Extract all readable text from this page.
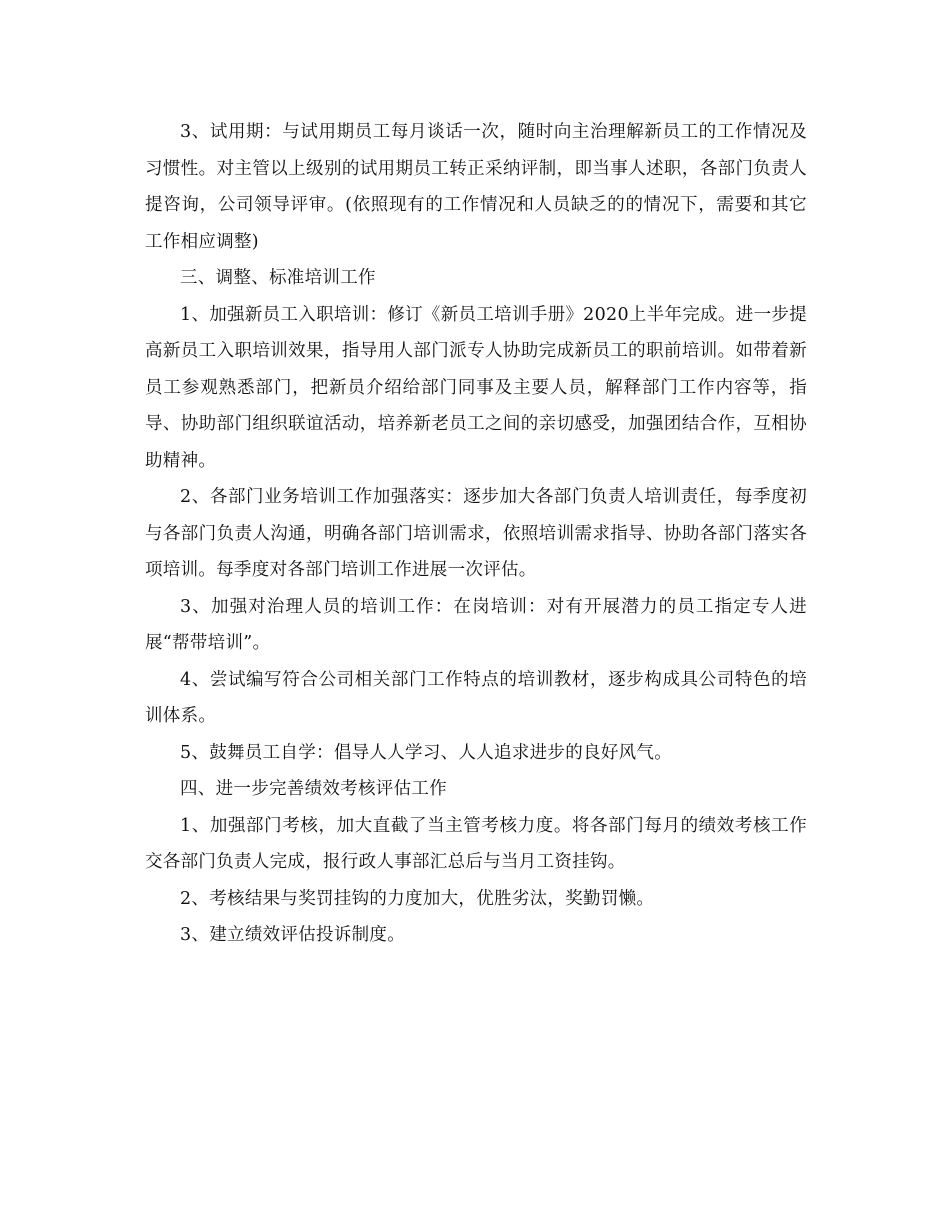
3、试用期：与试用期员工每月谈话一次，随时向主治理解新员工的工作情况及习惯性。对主管以上级别的试用期员工转正采纳评制，即当事人述职，各部门负责人提咨询，公司领导评审。(依照现有的工作情况和人员缺乏的的情况下，需要和其它工作相应调整)

三、调整、标准培训工作

1、加强新员工入职培训：修订《新员工培训手册》2020上半年完成。进一步提高新员工入职培训效果，指导用人部门派专人协助完成新员工的职前培训。如带着新员工参观熟悉部门，把新员介绍给部门同事及主要人员，解释部门工作内容等，指导、协助部门组织联谊活动，培养新老员工之间的亲切感受，加强团结合作，互相协助精神。

2、各部门业务培训工作加强落实：逐步加大各部门负责人培训责任，每季度初与各部门负责人沟通，明确各部门培训需求，依照培训需求指导、协助各部门落实各项培训。每季度对各部门培训工作进展一次评估。

3、加强对治理人员的培训工作：在岗培训：对有开展潜力的员工指定专人进展“帮带培训”。

4、尝试编写符合公司相关部门工作特点的培训教材，逐步构成具公司特色的培训体系。

5、鼓舞员工自学：倡导人人学习、人人追求进步的良好风气。

四、进一步完善绩效考核评估工作

1、加强部门考核，加大直截了当主管考核力度。将各部门每月的绩效考核工作交各部门负责人完成，报行政人事部汇总后与当月工资挂钩。

2、考核结果与奖罚挂钩的力度加大，优胜劣汰，奖勤罚懒。

3、建立绩效评估投诉制度。
